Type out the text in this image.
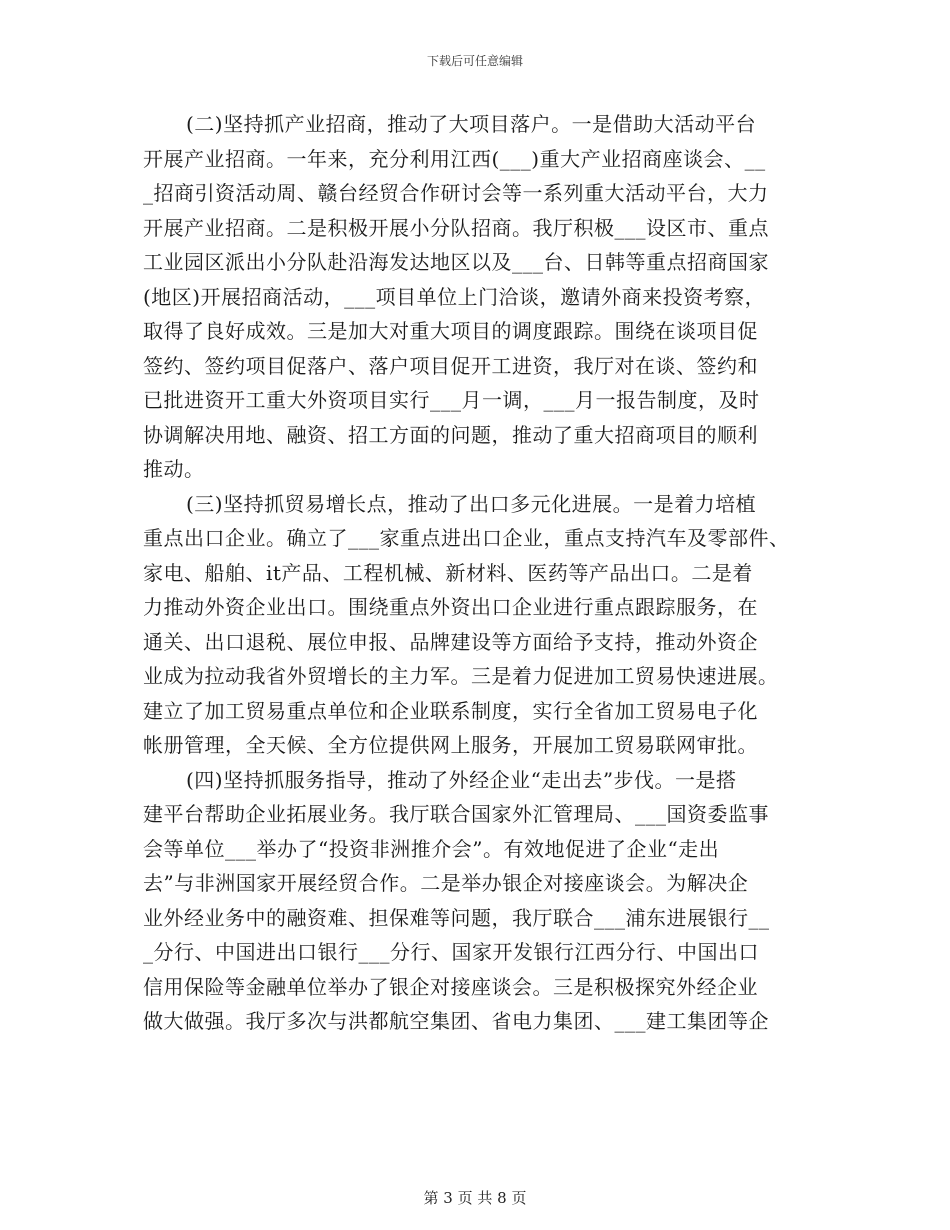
下载后可任意编辑
(二)坚持抓产业招商，推动了大项目落户。一是借助大活动平台
开展产业招商。一年来，充分利用江西(___)重大产业招商座谈会、__
_招商引资活动周、赣台经贸合作研讨会等一系列重大活动平台，大力
开展产业招商。二是积极开展小分队招商。我厅积极___设区市、重点
工业园区派出小分队赴沿海发达地区以及___台、日韩等重点招商国家
(地区)开展招商活动，___项目单位上门洽谈，邀请外商来投资考察，
取得了良好成效。三是加大对重大项目的调度跟踪。围绕在谈项目促
签约、签约项目促落户、落户项目促开工进资，我厅对在谈、签约和
已批进资开工重大外资项目实行___月一调，___月一报告制度，及时
协调解决用地、融资、招工方面的问题，推动了重大招商项目的顺利
推动。
(三)坚持抓贸易增长点，推动了出口多元化进展。一是着力培植
重点出口企业。确立了___家重点进出口企业，重点支持汽车及零部件、
家电、船舶、it产品、工程机械、新材料、医药等产品出口。二是着
力推动外资企业出口。围绕重点外资出口企业进行重点跟踪服务，在
通关、出口退税、展位申报、品牌建设等方面给予支持，推动外资企
业成为拉动我省外贸增长的主力军。三是着力促进加工贸易快速进展。
建立了加工贸易重点单位和企业联系制度，实行全省加工贸易电子化
帐册管理，全天候、全方位提供网上服务，开展加工贸易联网审批。
(四)坚持抓服务指导，推动了外经企业“走出去”步伐。一是搭
建平台帮助企业拓展业务。我厅联合国家外汇管理局、___国资委监事
会等单位___举办了“投资非洲推介会”。有效地促进了企业“走出
去”与非洲国家开展经贸合作。二是举办银企对接座谈会。为解决企
业外经业务中的融资难、担保难等问题，我厅联合___浦东进展银行__
_分行、中国进出口银行___分行、国家开发银行江西分行、中国出口
信用保险等金融单位举办了银企对接座谈会。三是积极探究外经企业
做大做强。我厅多次与洪都航空集团、省电力集团、___建工集团等企
第 3 页 共 8 页
